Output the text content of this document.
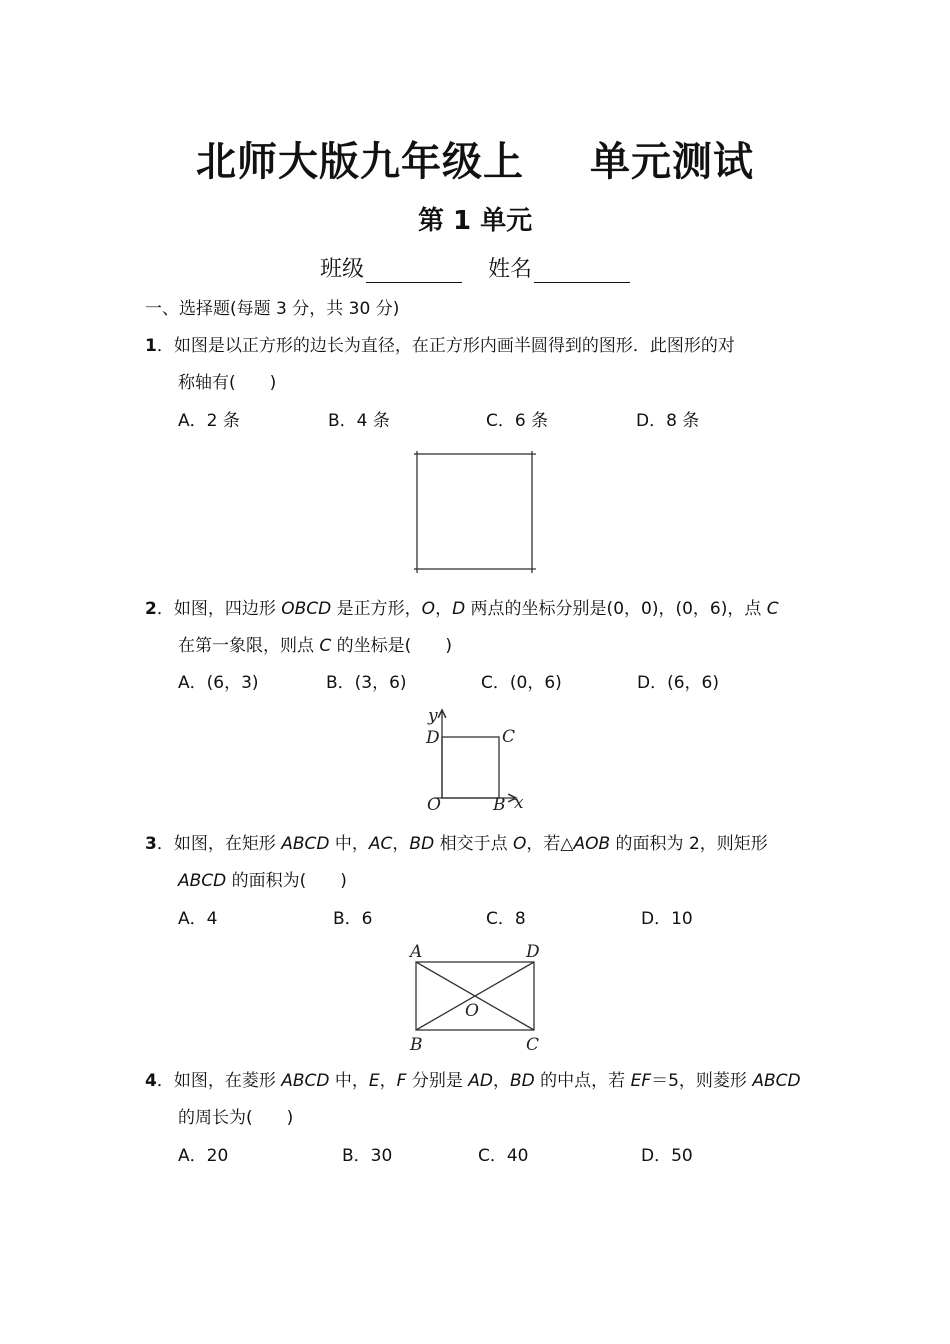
北师大版九年级上 单元测试
第 1 单元
班级	姓名
一、选择题(每题 3 分，共 30 分)
1．如图是以正方形的边长为直径，在正方形内画半圆得到的图形．此图形的对
称轴有(　　)
A．2 条	B．4 条	C．6 条	D．8 条
2．如图，四边形 OBCD 是正方形，O，D 两点的坐标分别是(0，0)，(0，6)，点 C
在第一象限，则点 C 的坐标是(　　)
A．(6，3)	B．(3，6)	C．(0，6)	D．(6，6)
y
D	C
O	B x
3．如图，在矩形 ABCD 中，AC，BD 相交于点 O，若△AOB 的面积为 2，则矩形
ABCD 的面积为(　　)
A．4	B．6	C．8	D．10
A	D
O
B	C
4．如图，在菱形 ABCD 中，E，F 分别是 AD，BD 的中点，若 EF＝5，则菱形 ABCD
的周长为(　　)
A．20	B．30	C．40	D．50
